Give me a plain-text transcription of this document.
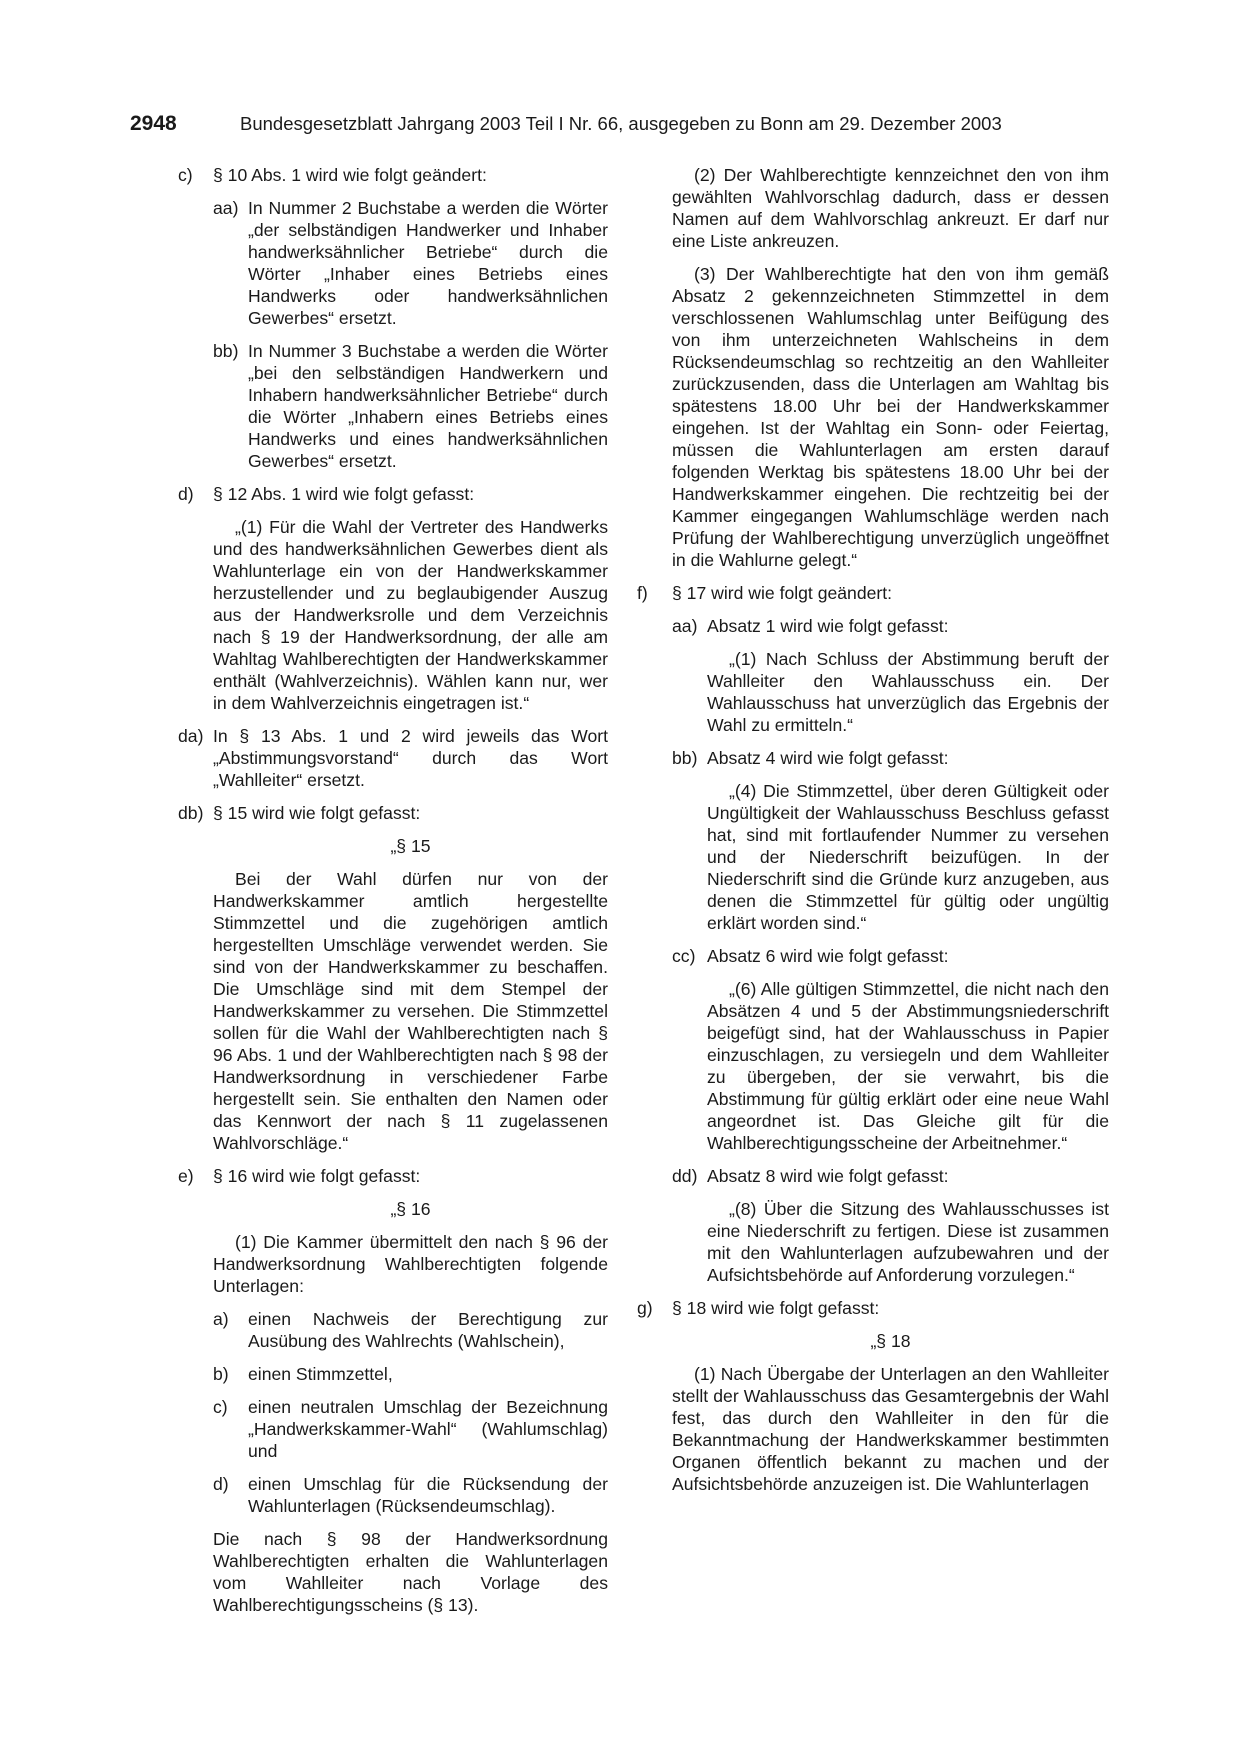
2948	Bundesgesetzblatt Jahrgang 2003 Teil I Nr. 66, ausgegeben zu Bonn am 29. Dezember 2003
c) § 10 Abs. 1 wird wie folgt geändert:
aa) In Nummer 2 Buchstabe a werden die Wörter „der selbständigen Handwerker und Inhaber handwerksähnlicher Betriebe“ durch die Wörter „Inhaber eines Betriebs eines Handwerks oder handwerksähnlichen Gewerbes“ ersetzt.
bb) In Nummer 3 Buchstabe a werden die Wörter „bei den selbständigen Handwerkern und Inhabern handwerksähnlicher Betriebe“ durch die Wörter „Inhabern eines Betriebs eines Handwerks und eines handwerksähnlichen Gewerbes“ ersetzt.
d) § 12 Abs. 1 wird wie folgt gefasst:
„(1) Für die Wahl der Vertreter des Handwerks und des handwerksähnlichen Gewerbes dient als Wahlunterlage ein von der Handwerkskammer herzustellender und zu beglaubigender Auszug aus der Handwerksrolle und dem Verzeichnis nach § 19 der Handwerksordnung, der alle am Wahltag Wahlberechtigten der Handwerkskammer enthält (Wahlverzeichnis). Wählen kann nur, wer in dem Wahlverzeichnis eingetragen ist.“
da) In § 13 Abs. 1 und 2 wird jeweils das Wort „Abstimmungsvorstand“ durch das Wort „Wahlleiter“ ersetzt.
db) § 15 wird wie folgt gefasst:
„§ 15
Bei der Wahl dürfen nur von der Handwerkskammer amtlich hergestellte Stimmzettel und die zugehörigen amtlich hergestellten Umschläge verwendet werden. Sie sind von der Handwerkskammer zu beschaffen. Die Umschläge sind mit dem Stempel der Handwerkskammer zu versehen. Die Stimmzettel sollen für die Wahl der Wahlberechtigten nach § 96 Abs. 1 und der Wahlberechtigten nach § 98 der Handwerksordnung in verschiedener Farbe hergestellt sein. Sie enthalten den Namen oder das Kennwort der nach § 11 zugelassenen Wahlvorschläge.“
e) § 16 wird wie folgt gefasst:
„§ 16
(1) Die Kammer übermittelt den nach § 96 der Handwerksordnung Wahlberechtigten folgende Unterlagen:
a) einen Nachweis der Berechtigung zur Ausübung des Wahlrechts (Wahlschein),
b) einen Stimmzettel,
c) einen neutralen Umschlag der Bezeichnung „Handwerkskammer-Wahl“ (Wahlumschlag) und
d) einen Umschlag für die Rücksendung der Wahlunterlagen (Rücksendeumschlag).
Die nach § 98 der Handwerksordnung Wahlberechtigten erhalten die Wahlunterlagen vom Wahlleiter nach Vorlage des Wahlberechtigungsscheins (§ 13).
(2) Der Wahlberechtigte kennzeichnet den von ihm gewählten Wahlvorschlag dadurch, dass er dessen Namen auf dem Wahlvorschlag ankreuzt. Er darf nur eine Liste ankreuzen.
(3) Der Wahlberechtigte hat den von ihm gemäß Absatz 2 gekennzeichneten Stimmzettel in dem verschlossenen Wahlumschlag unter Beifügung des von ihm unterzeichneten Wahlscheins in dem Rücksendeumschlag so rechtzeitig an den Wahlleiter zurückzusenden, dass die Unterlagen am Wahltag bis spätestens 18.00 Uhr bei der Handwerkskammer eingehen. Ist der Wahltag ein Sonn- oder Feiertag, müssen die Wahlunterlagen am ersten darauf folgenden Werktag bis spätestens 18.00 Uhr bei der Handwerkskammer eingehen. Die rechtzeitig bei der Kammer eingegangen Wahlumschläge werden nach Prüfung der Wahlberechtigung unverzüglich ungeöffnet in die Wahlurne gelegt.“
f) § 17 wird wie folgt geändert:
aa) Absatz 1 wird wie folgt gefasst:
„(1) Nach Schluss der Abstimmung beruft der Wahlleiter den Wahlausschuss ein. Der Wahlausschuss hat unverzüglich das Ergebnis der Wahl zu ermitteln.“
bb) Absatz 4 wird wie folgt gefasst:
„(4) Die Stimmzettel, über deren Gültigkeit oder Ungültigkeit der Wahlausschuss Beschluss gefasst hat, sind mit fortlaufender Nummer zu versehen und der Niederschrift beizufügen. In der Niederschrift sind die Gründe kurz anzugeben, aus denen die Stimmzettel für gültig oder ungültig erklärt worden sind.“
cc) Absatz 6 wird wie folgt gefasst:
„(6) Alle gültigen Stimmzettel, die nicht nach den Absätzen 4 und 5 der Abstimmungsniederschrift beigefügt sind, hat der Wahlausschuss in Papier einzuschlagen, zu versiegeln und dem Wahlleiter zu übergeben, der sie verwahrt, bis die Abstimmung für gültig erklärt oder eine neue Wahl angeordnet ist. Das Gleiche gilt für die Wahlberechtigungsscheine der Arbeitnehmer.“
dd) Absatz 8 wird wie folgt gefasst:
„(8) Über die Sitzung des Wahlausschusses ist eine Niederschrift zu fertigen. Diese ist zusammen mit den Wahlunterlagen aufzubewahren und der Aufsichtsbehörde auf Anforderung vorzulegen.“
g) § 18 wird wie folgt gefasst:
„§ 18
(1) Nach Übergabe der Unterlagen an den Wahlleiter stellt der Wahlausschuss das Gesamtergebnis der Wahl fest, das durch den Wahlleiter in den für die Bekanntmachung der Handwerkskammer bestimmten Organen öffentlich bekannt zu machen und der Aufsichtsbehörde anzuzeigen ist. Die Wahlunterlagen
